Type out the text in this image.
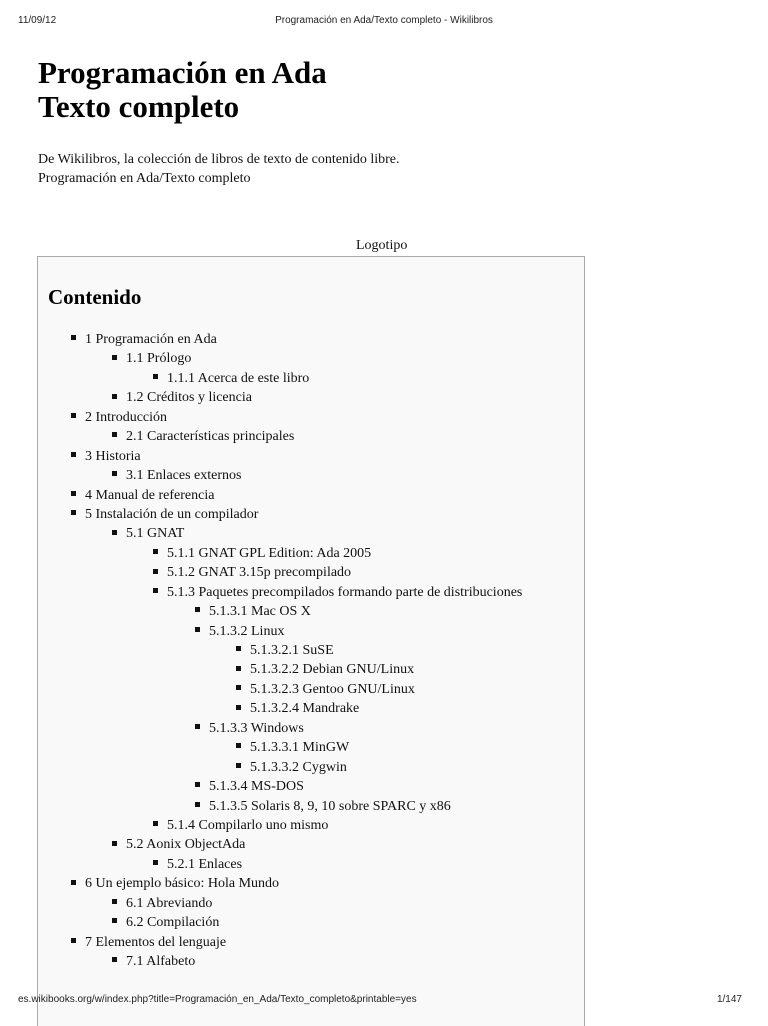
11/09/12	Programación en Ada/Texto completo - Wikilibros
Programación en Ada
Texto completo
De Wikilibros, la colección de libros de texto de contenido libre.
Programación en Ada/Texto completo
Logotipo
Contenido
1 Programación en Ada
1.1 Prólogo
1.1.1 Acerca de este libro
1.2 Créditos y licencia
2 Introducción
2.1 Características principales
3 Historia
3.1 Enlaces externos
4 Manual de referencia
5 Instalación de un compilador
5.1 GNAT
5.1.1 GNAT GPL Edition: Ada 2005
5.1.2 GNAT 3.15p precompilado
5.1.3 Paquetes precompilados formando parte de distribuciones
5.1.3.1 Mac OS X
5.1.3.2 Linux
5.1.3.2.1 SuSE
5.1.3.2.2 Debian GNU/Linux
5.1.3.2.3 Gentoo GNU/Linux
5.1.3.2.4 Mandrake
5.1.3.3 Windows
5.1.3.3.1 MinGW
5.1.3.3.2 Cygwin
5.1.3.4 MS-DOS
5.1.3.5 Solaris 8, 9, 10 sobre SPARC y x86
5.1.4 Compilarlo uno mismo
5.2 Aonix ObjectAda
5.2.1 Enlaces
6 Un ejemplo básico: Hola Mundo
6.1 Abreviando
6.2 Compilación
7 Elementos del lenguaje
7.1 Alfabeto
es.wikibooks.org/w/index.php?title=Programación_en_Ada/Texto_completo&printable=yes	1/147
